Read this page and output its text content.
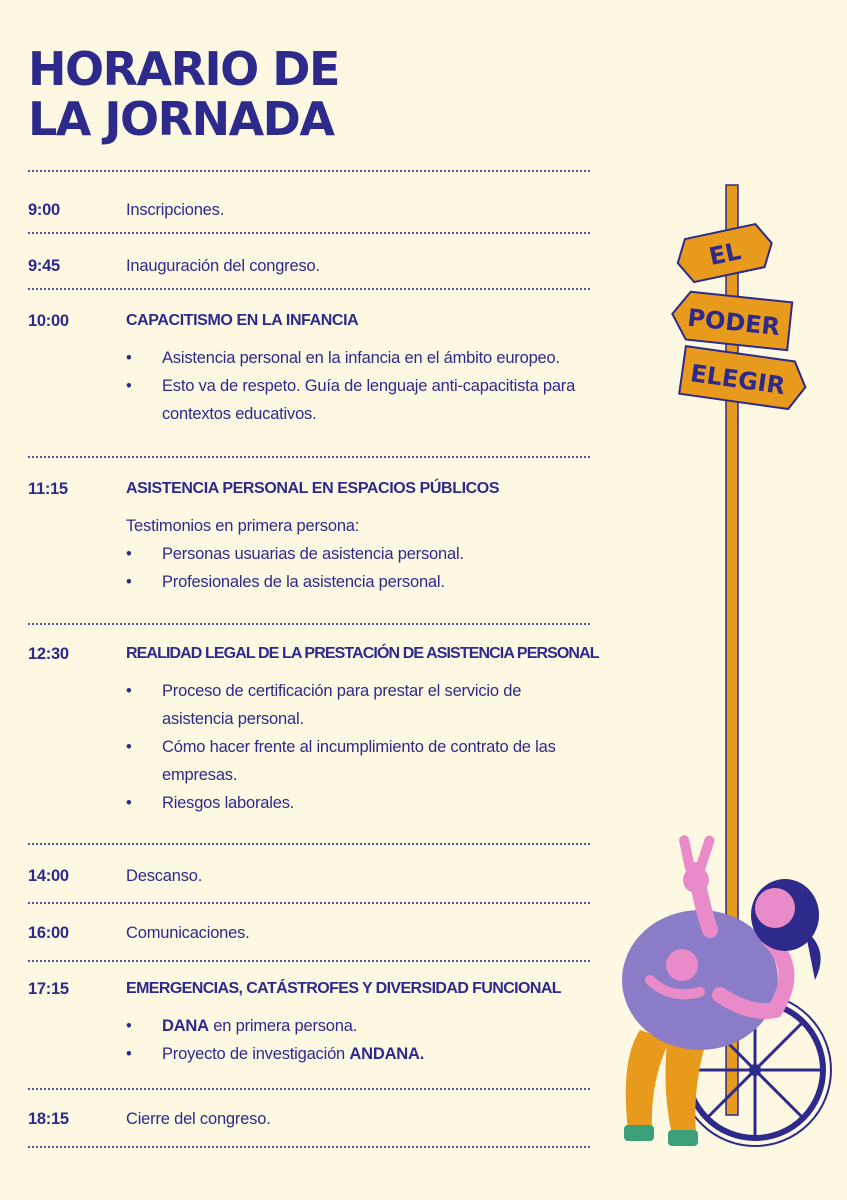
HORARIO DE
LA JORNADA
9:00	Inscripciones.
9:45	Inauguración del congreso.
10:00	CAPACITISMO EN LA INFANCIA
• Asistencia personal en la infancia en el ámbito europeo.
• Esto va de respeto. Guía de lenguaje anti-capacitista para contextos educativos.
11:15	ASISTENCIA PERSONAL EN ESPACIOS PÚBLICOS
Testimonios en primera persona:
• Personas usuarias de asistencia personal.
• Profesionales de la asistencia personal.
12:30	REALIDAD LEGAL DE LA PRESTACIÓN DE ASISTENCIA PERSONAL
• Proceso de certificación para prestar el servicio de asistencia personal.
• Cómo hacer frente al incumplimiento de contrato de las empresas.
• Riesgos laborales.
14:00	Descanso.
16:00	Comunicaciones.
17:15	EMERGENCIAS, CATÁSTROFES Y DIVERSIDAD FUNCIONAL
• DANA en primera persona.
• Proyecto de investigación ANDANA.
18:15	Cierre del congreso.
EL
PODER
ELEGIR
